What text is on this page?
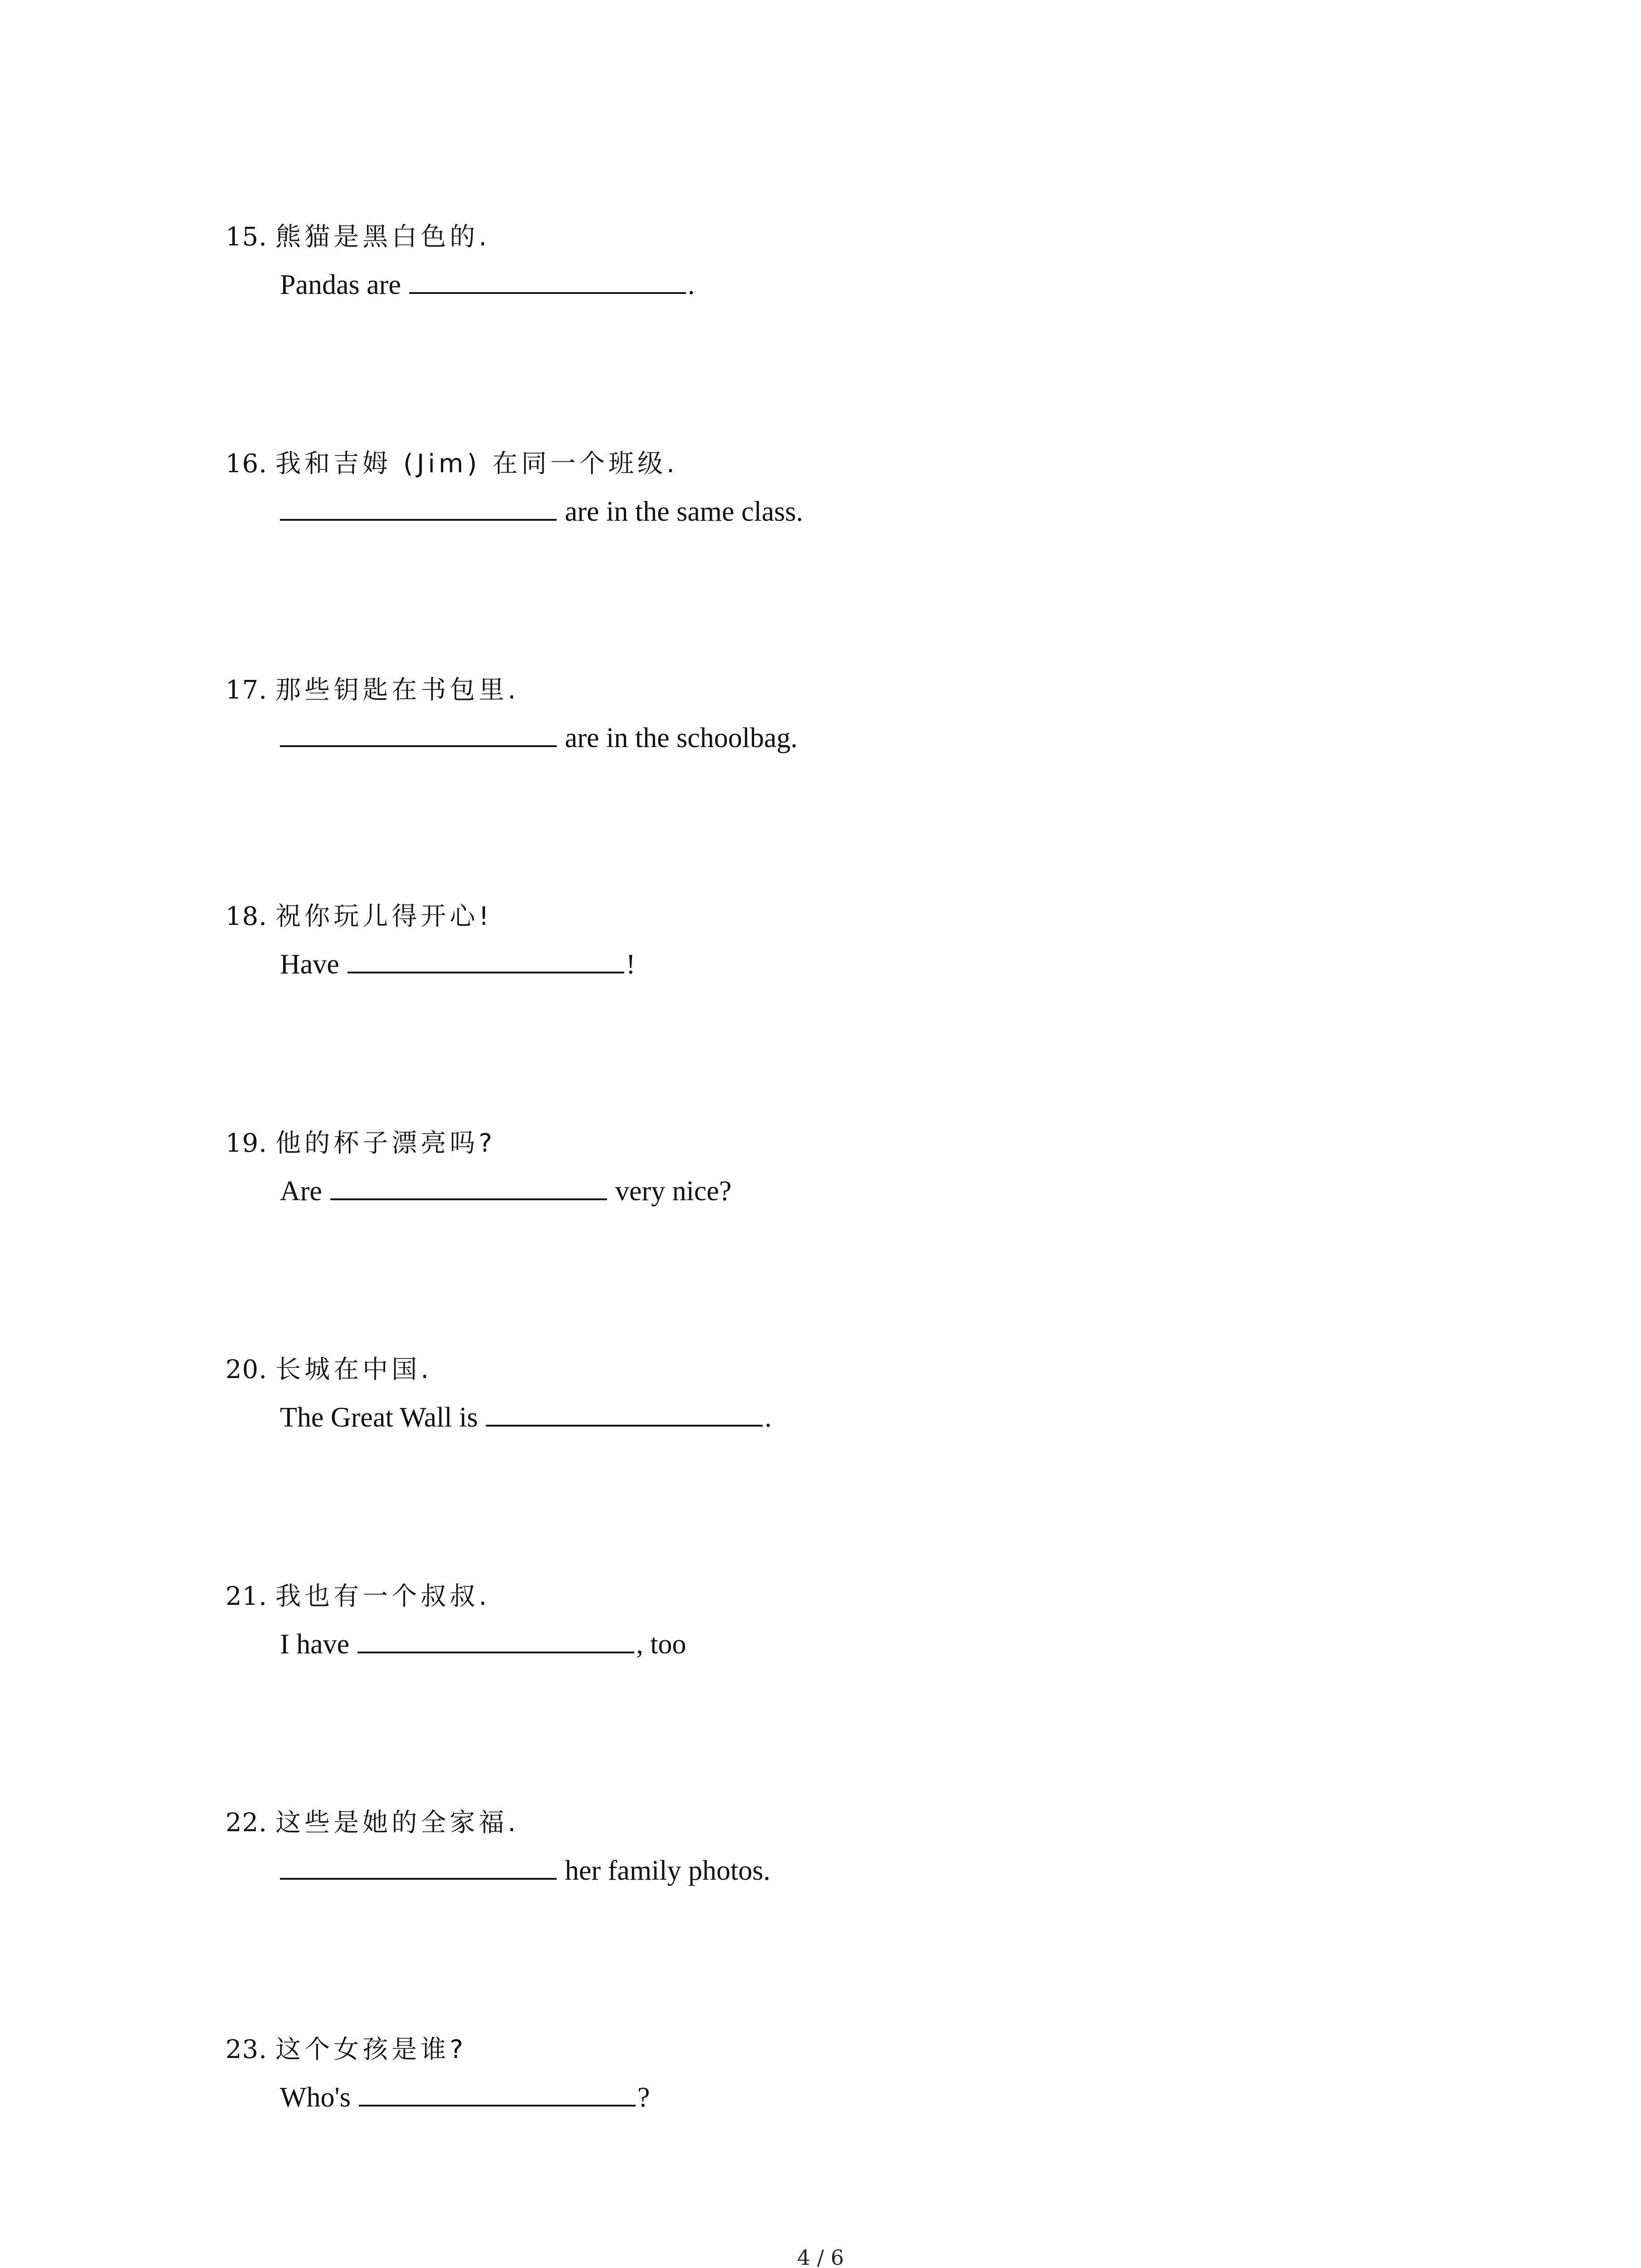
15. 熊猫是黑白色的.
Pandas are	.
16. 我和吉姆 (Jim) 在同一个班级.
are in the same class.
17. 那些钥匙在书包里.
are in the schoolbag.
18. 祝你玩儿得开心!
Have	!
19. 他的杯子漂亮吗?
Are	very nice?
20. 长城在中国.
The Great Wall is	.
21. 我也有一个叔叔.
I have	, too
22. 这些是她的全家福.
her family photos.
23. 这个女孩是谁?
Who's	?
4 / 6
